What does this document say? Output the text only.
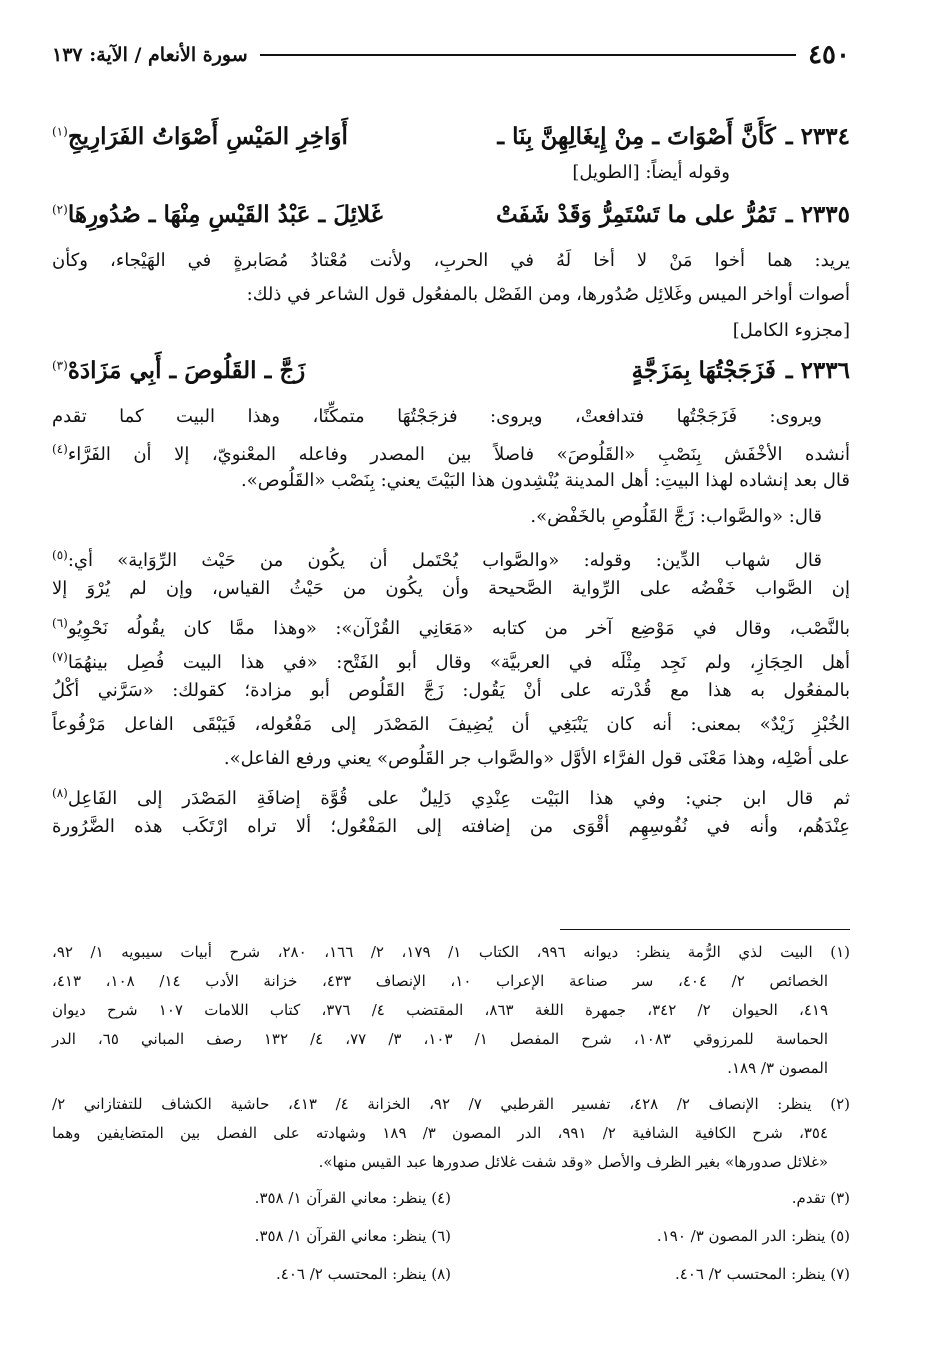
٤٥٠
سورة الأنعام / الآية: ١٣٧
٢٣٣٤ ـ
كَأَنَّ أَصْوَاتَ ـ مِنْ إِيغَالِهِنَّ بِنَا ـ
أَوَاخِرِ المَيْسِ أَصْوَاتُ الفَرَارِيجِ$^{(١)}$
وقوله أيضاً: [الطويل]
٢٣٣٥ ـ
تَمُرُّ على ما تَسْتَمِرُّ وَقَدْ شَفَتْ
غَلائِلَ ـ عَبْدُ القَيْسِ مِنْهَا ـ صُدُورِهَا$^{(٢)}$
يريد: هما أخوا مَنْ لا أخا لَهُ في الحربِ، ولأنت مُعْتادُ مُصَابرةٍ في الهَيْجاء، وكأن
أصوات أواخر الميس وغَلائِل صُدُورها، ومن الفَصْل بالمفعُول قول الشاعر في ذلك:
[مجزوء الكامل]
٢٣٣٦ ـ
فَزَجَجْتُهَا بِمَزَجَّةٍ
زَجَّ ـ القَلُوصَ ـ أَبِي مَزَادَهْ$^{(٣)}$
ويروى: فَزَجَجْتُها فتدافعتْ، ويروى: فزجَجْتُهَا متمكِّنًا، وهذا البيت كما تقدم
أنشده الأخْفَش بِنَصْبِ «القَلُوصَ» فاصلاً بين المصدر وفاعله المعْنويّ، إلا أن الفَرَّاء$^{(٤)}$
قال بعد إنشاده لهذا البيتِ: أهل المدينة يُنْشِدون هذا البَيْتَ يعني: بِنَصْب «القَلُوص».
قال: «والصَّواب: زَجَّ القَلُوصِ بالخَفْض».
قال شهاب الدِّين: وقوله: «والصَّواب يُحْتَمل أن يكُون من حَيْث الرِّوَاية» أي:$^{(٥)}$
إن الصَّواب خَفْضُه على الرِّواية الصَّحيحة وأن يكُون من حَيْثُ القياس، وإن لم يُرْوَ إلا
بالنَّصْب، وقال في مَوْضِع آخر من كتابه «مَعَانِي القُرْآن»: «وهذا ممَّا كان يقُولُه نَحْوِيُو$^{(٦)}$
أهل الحِجَازِ، ولم نَجِد مِثْلَه في العربيَّة» وقال أبو الفَتْح: «في هذا البيت فُصِل بينهُمَا$^{(٧)}$
بالمفعُول به هذا مع قُدْرته على أنْ يَقُول: زَجَّ القَلُوص أبو مزادة؛ كقولك: «سَرَّني أكْلُ
الخُبْزِ زَيْدٌ» بمعنى: أنه كان يَنْبَغِي أن يُضِيفَ المَصْدَر إلى مَفْعُوله، فَيَبْقَى الفاعل مَرْفُوعاً
على أصْلِه، وهذا مَعْنَى قول الفرَّاء الأوَّل «والصَّواب جر القَلُوص» يعني ورفع الفاعل».
ثم قال ابن جني: وفي هذا البَيْت عِنْدِي دَلِيلٌ على قُوَّة إضافَةِ المَصْدَر إلى الفَاعِل$^{(٨)}$
عِنْدَهُم، وأنه في نُفُوسِهِم أقْوَى من إضافته إلى المَفْعُول؛ ألا تراه ارْتَكَب هذه الضَّرُورة
(١) البيت لذي الرُّمة ينظر: ديوانه ٩٩٦، الكتاب ١/ ١٧٩، ٢/ ١٦٦، ٢٨٠، شرح أبيات سيبويه ١/ ٩٢،
الخصائص ٢/ ٤٠٤، سر صناعة الإعراب ١٠، الإنصاف ٤٣٣، خزانة الأدب ١٤/ ١٠٨، ٤١٣،
٤١٩، الحيوان ٢/ ٣٤٢، جمهرة اللغة ٨٦٣، المقتضب ٤/ ٣٧٦، كتاب اللامات ١٠٧ شرح ديوان
الحماسة للمرزوقي ١٠٨٣، شرح المفصل ١/ ١٠٣، ٣/ ٧٧، ٤/ ١٣٢ رصف المباني ٦٥، الدر
المصون ٣/ ١٨٩.
(٢) ينظر: الإنصاف ٢/ ٤٢٨، تفسير القرطبي ٧/ ٩٢، الخزانة ٤/ ٤١٣، حاشية الكشاف للتفتازاني ٢/
٣٥٤، شرح الكافية الشافية ٢/ ٩٩١، الدر المصون ٣/ ١٨٩ وشهادته على الفصل بين المتضايفين وهما
«غلائل صدورها» بغير الظرف والأصل «وقد شفت غلائل صدورها عبد القيس منها».
(٣) تقدم.
(٤) ينظر: معاني القرآن ١/ ٣٥٨.
(٥) ينظر: الدر المصون ٣/ ١٩٠.
(٦) ينظر: معاني القرآن ١/ ٣٥٨.
(٧) ينظر: المحتسب ٢/ ٤٠٦.
(٨) ينظر: المحتسب ٢/ ٤٠٦.
